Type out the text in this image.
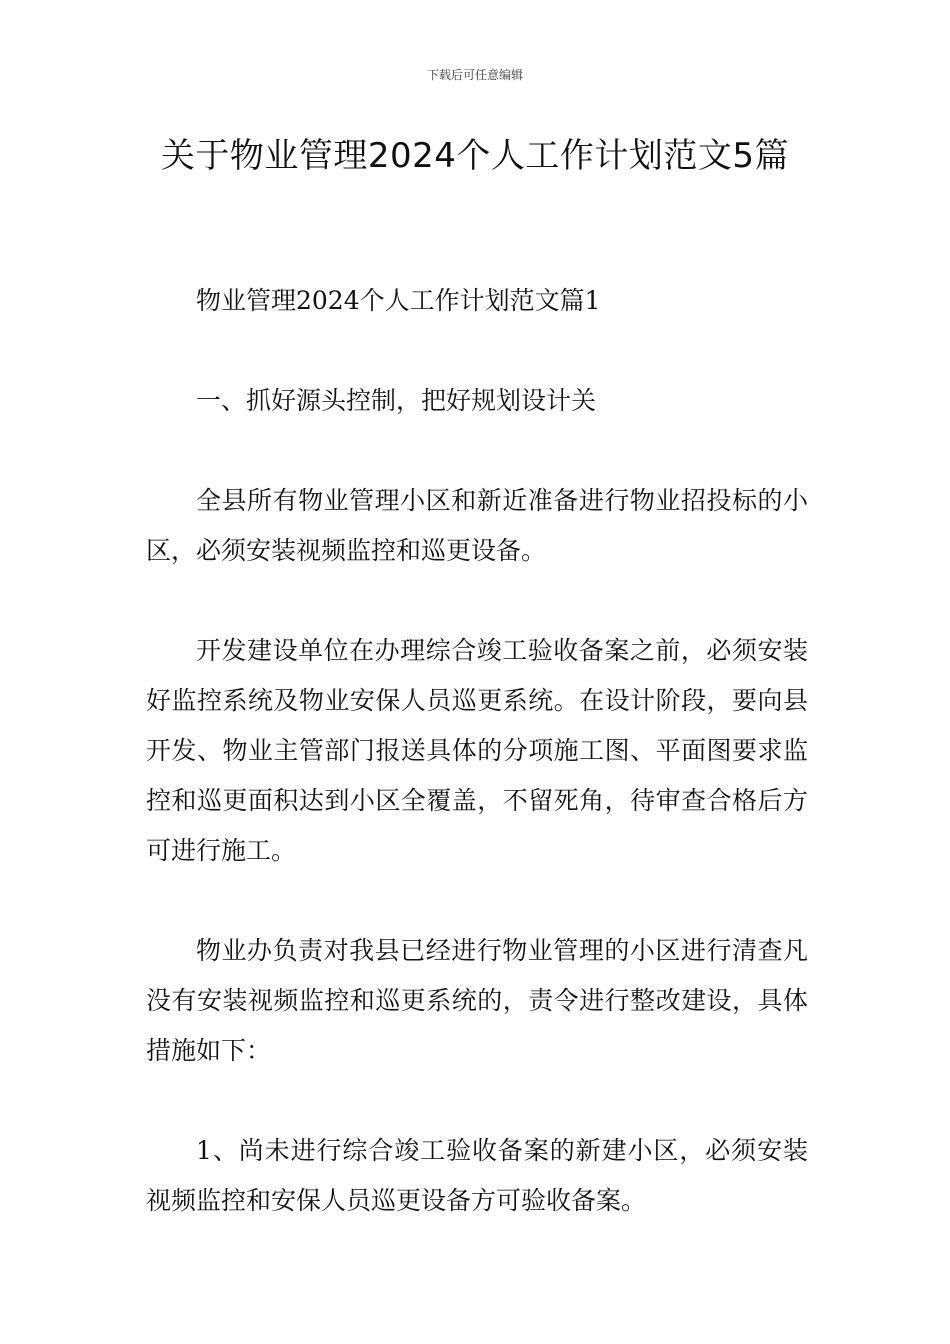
下载后可任意编辑
关于物业管理2024个人工作计划范文5篇

物业管理2024个人工作计划范文篇1

一、抓好源头控制，把好规划设计关

全县所有物业管理小区和新近准备进行物业招投标的小区，必须安装视频监控和巡更设备。

开发建设单位在办理综合竣工验收备案之前，必须安装好监控系统及物业安保人员巡更系统。在设计阶段，要向县开发、物业主管部门报送具体的分项施工图、平面图要求监控和巡更面积达到小区全覆盖，不留死角，待审查合格后方可进行施工。

物业办负责对我县已经进行物业管理的小区进行清查凡没有安装视频监控和巡更系统的，责令进行整改建设，具体措施如下：

1、尚未进行综合竣工验收备案的新建小区，必须安装视频监控和安保人员巡更设备方可验收备案。
